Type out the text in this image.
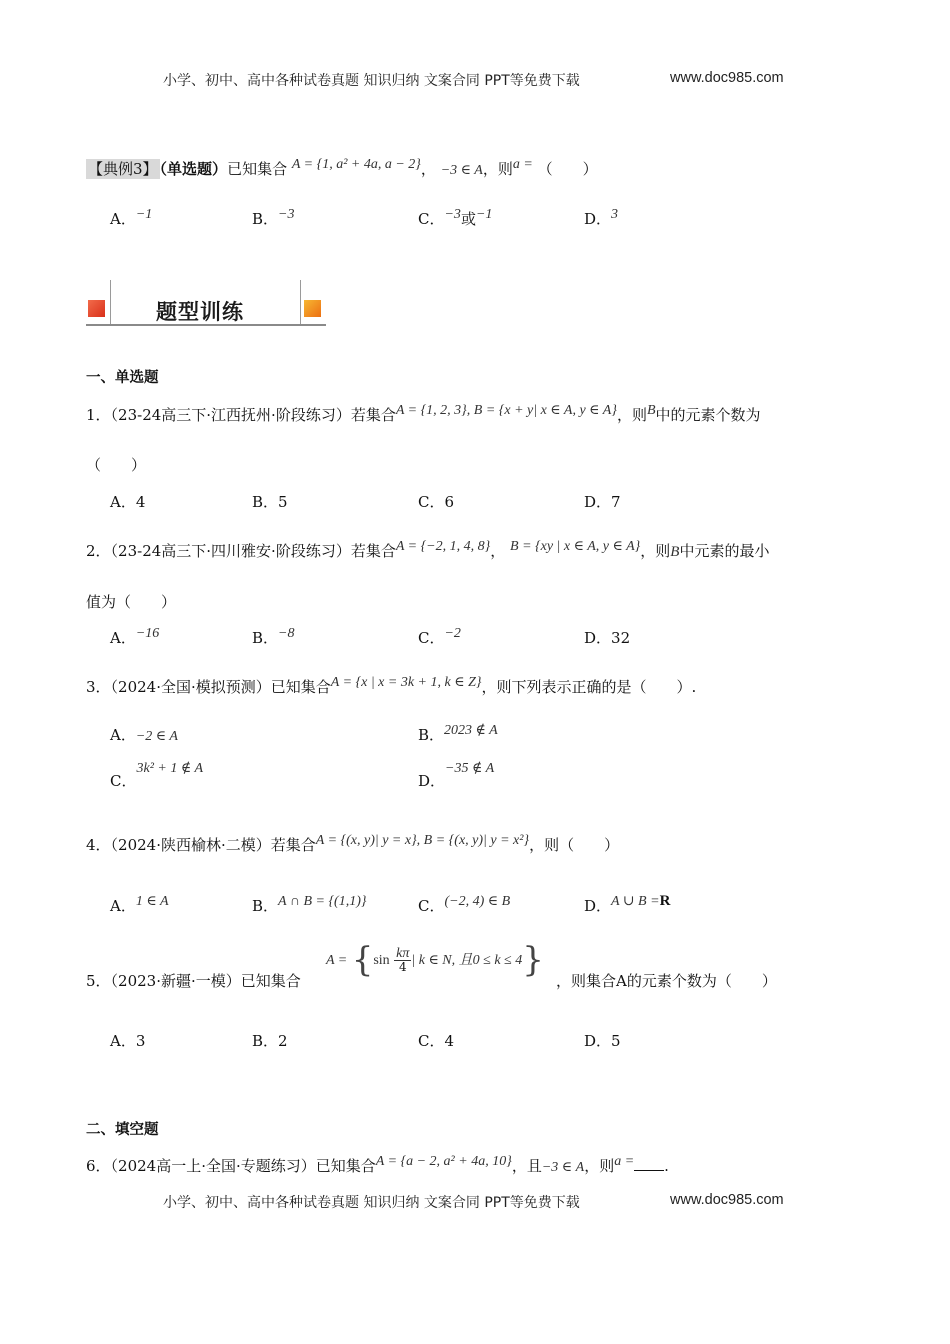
小学、初中、高中各种试卷真题 知识归纳 文案合同 PPT等免费下载	www.doc985.com
【典例3】 （单选题）已知集合 A = {1, a² + 4a, a − 2}， −3 ∈ A，则a = （　　）
A．−1	B．−3	C．−3或−1	D．3
题型训练
一、单选题
1．（23-24高三下·江西抚州·阶段练习）若集合A = {1, 2, 3}, B = {x + y| x ∈ A, y ∈ A}，则B中的元素个数为
（　　）
A．4	B．5	C．6	D．7
2．（23-24高三下·四川雅安·阶段练习）若集合A = {−2, 1, 4, 8}， B = {xy | x ∈ A, y ∈ A}，则B中元素的最小
值为（　　）
A．−16	B．−8	C．−2	D．32
3．（2024·全国·模拟预测）已知集合A = {x | x = 3k + 1, k ∈ Z}，则下列表示正确的是（　　）.
A．−2 ∈ A	B．2023 ∉ A
C．3k² + 1 ∉ A
D．−35 ∉ A
4．（2024·陕西榆林·二模）若集合A = {(x, y)| y = x}, B = {(x, y)| y = x²}，则（　　）
A．1 ∈ A	B．A ∩ B = {(1,1)}	C．(−2, 4) ∈ B	D．A ∪ B =R
5．（2023·新疆·一模）已知集合
$A = \{\sin \frac{k\pi}{4}$ | k ∈ N, 且0 ≤ k ≤ 4}
，则集合A的元素个数为（　　）
A．3	B．2	C．4	D．5
二、填空题
6．（2024高一上·全国·专题练习）已知集合A = {a − 2, a² + 4a, 10}，且−3 ∈ A，则a = .
小学、初中、高中各种试卷真题 知识归纳 文案合同 PPT等免费下载	www.doc985.com
